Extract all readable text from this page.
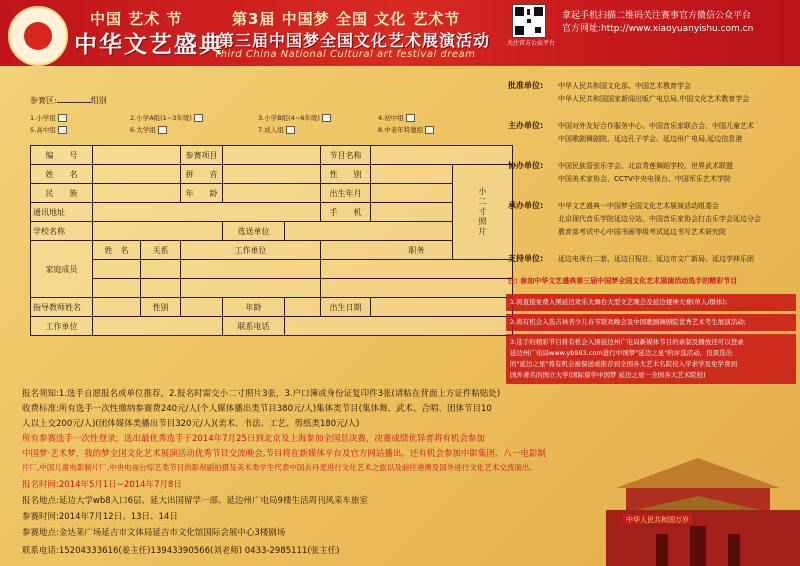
中国 艺术 节	第3届 中国梦 全国 文化 艺术节
中华文艺盛典
第三届中国梦全国文化艺术展演活动
Third China National Cultural art festival dream
关注官方公众平台
拿起手机扫描二维码关注赛事官方微信公众平台
官方网址:http://www.xiaoyuanyishu.com.cn
参赛区:	组别
1.小学组	2.小学A组(1~3年级)	3.小学B组(4~6年级)	4.初中组
5.高中组	6.大学组	7.成人组	8.中老年特邀组
编　　号			参赛项目			节目名称		
姓　　名			拼　　音			性　　别		小二寸照片
民　　族			年　　龄			出生年月		
通讯地址						手　　机		
学校名称				选送单位				
家庭成员	姓　名	关系	工作单位			职务		

指导教师姓名		性别		年龄		出生日期		
工作单位				联系电话				
批准单位: 中华人民共和国文化部、中国艺术教育学会
中华人民共和国国家新闻出版广电总局,中国文化艺术教育学会
主办单位: 中国对外友好合作服务中心、中国音乐家联合会、中国儿童艺术
中国歌剧舞剧院、延边孔子学会、延边州广电局,延边信息港
协办单位: 中国民族管弦乐学会、北京青莲舞蹈学校、世界武术联盟
中国美术家协会、CCTV中央电视台、中国军乐艺术学院
承办单位: 中华文艺盛典一中国梦全国文化艺术展演活动组委会
北京现代音乐学院延边分站、中国音乐家协会打击乐学会延边分会
教育部考试中心中国书画等级考试延边书写艺术研究院
支持单位: 延边电视台二套、延边日报社、延边市文广新局、延边学林乐团
注: 参加中华文艺盛典第三届中国梦全国文化艺术展演活动选手的精彩节目
1.将直接免费入围延边欢乐大舞台大型文艺晚会及延边楼神大赛(单人/群体);
2.将有机会入选吉林省少儿春节联欢晚会及中国歌剧舞剧院优秀艺术考生展演活动;
3.选手的精彩节目将有机会入围延边州广电局新媒体节目的录制及播放还可以登录
延边州广电局www.yb983.com进行中国梦"延边之星"的评选活动，投票选出
的"延边之星"将有机会被保送或推荐到全国各大艺术名院校入学求学及免学费到
国外著名的国立大学(国际留学中国梦 延边之星一全国各大艺术院校)
中华人民共和国万岁
报名须知:1.选手自愿报名或单位推荐，2.报名时需交小二寸照片3张，3.户口簿或身份证复印件3张(请粘在背面上方证件粘贴处)
收费标准:所有选手一次性缴纳参赛费240元/人(个人媒体播出类节目380元/人)集体类节目(集体舞、武术、合唱、团体节目10
人以上交200元/人)(团体媒体类播出节目320元/人)(美术、书法、工艺、剪纸类180元/人)
所有参赛选手一次性登录，选出最优秀选手于2014年7月25日到北京及上海参加全国总决赛，决赛成绩优异者将有机会参加
中国梦·艺术梦，我的梦全国文化艺术展演活动优秀节目交流晚会,节目将在新媒体平台及官方网站播出，还有机会参加中影集团、八一电影制
片厂,中国儿童电影制片厂,中央电视台综艺类节目的影视剧拍摄及美术类学生代表中国去丹麦进行文化艺术之旅以及前往港澳及国外进行文化艺术交流演出。
报名时间:2014年5月1日~2014年7月8日
报名地点:延边大学wb8入口6层、延大出国留学一部、延边州广电局9楼生活周刊风采车旅室
参赛时间:2014年7月12日、13日、14日
参赛地点:金达莱广场延吉市文体局延吉市文化馆国际会展中心3楼剧场
联系电话:15204333616(姜主任)13943390566(刘老师) 0433-2985111(张主任)
